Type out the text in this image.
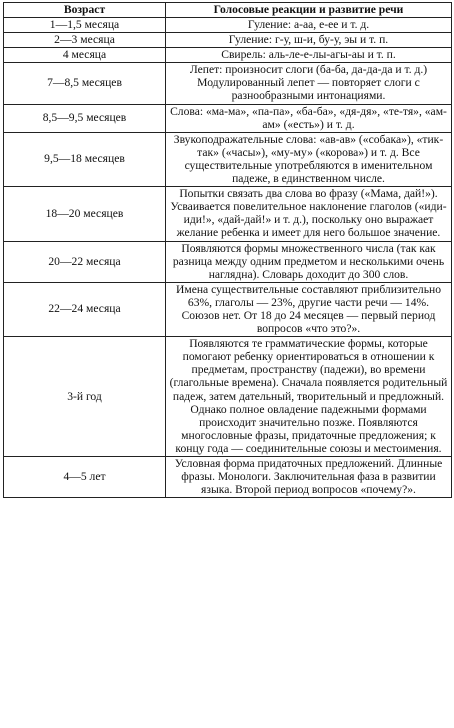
Возраст	Голосовые реакции и развитие речи
1—1,5 месяца	Гуление: а-аа, е-ее и т. д.
2—3 месяца	Гуление: г-у, ш-и, бу-у, эы и т. п.
4 месяца	Свирель: аль-ле-е-лы-агы-аы и т. п.
7—8,5 месяцев	Лепет: произносит слоги (ба-ба, да-да-да и т. д.) Модулированный лепет — повторяет слоги с разнообразными интонациями.
8,5—9,5 месяцев	Слова: «ма-ма», «па-па», «ба-ба», «дя-дя», «те-тя», «ам-ам» («есть») и т. д.
9,5—18 месяцев	Звукоподражательные слова: «ав-ав» («собака»), «тик-так» («часы»), «му-му» («корова») и т. д. Все существительные употребляются в именительном падеже, в единственном числе.
18—20 месяцев	Попытки связать два слова во фразу («Мама, дай!»). Усваивается повелительное наклонение глаголов («иди-иди!», «дай-дай!» и т. д.), поскольку оно выражает желание ребенка и имеет для него большое значение.
20—22 месяца	Появляются формы множественного числа (так как разница между одним предметом и несколькими очень наглядна). Словарь доходит до 300 слов.
22—24 месяца	Имена существительные составляют приблизительно 63%, глаголы — 23%, другие части речи — 14%. Союзов нет. От 18 до 24 месяцев — первый период вопросов «что это?».
3-й год	Появляются те грамматические формы, которые помогают ребенку ориентироваться в отношении к предметам, пространству (падежи), во времени (глагольные времена). Сначала появляется родительный падеж, затем дательный, творительный и предложный. Однако полное овладение падежными формами происходит значительно позже. Появляются многословные фразы, придаточные предложения; к концу года — соединительные союзы и местоимения.
4—5 лет	Условная форма придаточных предложений. Длинные фразы. Монологи. Заключительная фаза в развитии языка. Второй период вопросов «почему?».
